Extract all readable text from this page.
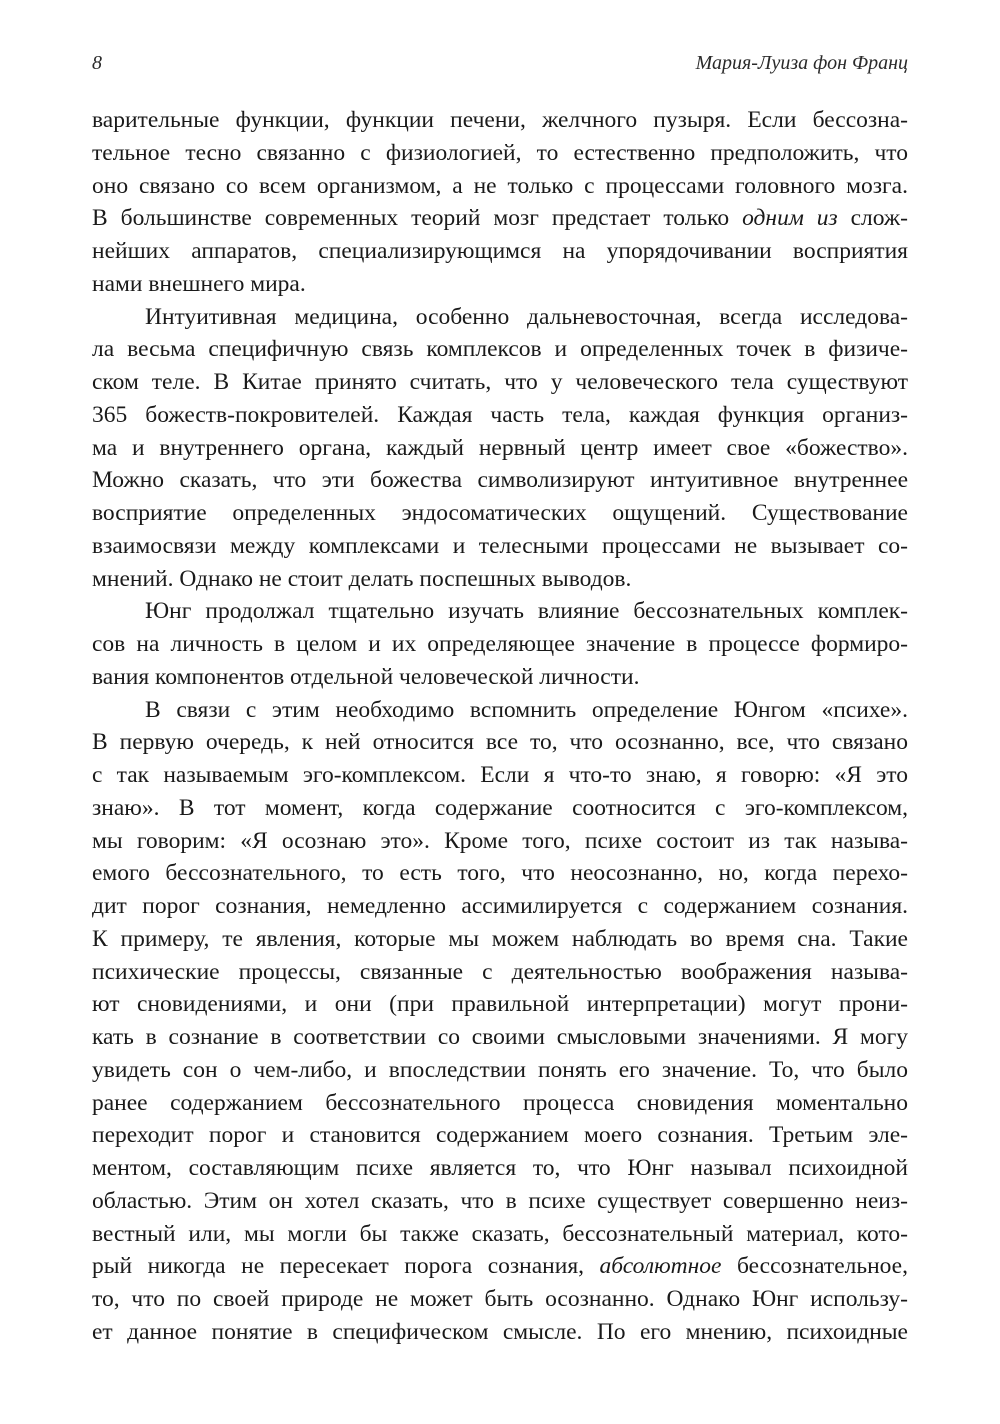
8	Мария-Луиза фон Франц
варительные функции, функции печени, желчного пузыря. Если бессозна-
тельное тесно связанно с физиологией, то естественно предположить, что
оно связано со всем организмом, а не только с процессами головного мозга.
В большинстве современных теорий мозг предстает только одним из слож-
нейших аппаратов, специализирующимся на упорядочивании восприятия
нами внешнего мира.
Интуитивная медицина, особенно дальневосточная, всегда исследова-
ла весьма специфичную связь комплексов и определенных точек в физиче-
ском теле. В Китае принято считать, что у человеческого тела существуют
365 божеств-покровителей. Каждая часть тела, каждая функция организ-
ма и внутреннего органа, каждый нервный центр имеет свое «божество».
Можно сказать, что эти божества символизируют интуитивное внутреннее
восприятие определенных эндосоматических ощущений. Существование
взаимосвязи между комплексами и телесными процессами не вызывает со-
мнений. Однако не стоит делать поспешных выводов.
Юнг продолжал тщательно изучать влияние бессознательных комплек-
сов на личность в целом и их определяющее значение в процессе формиро-
вания компонентов отдельной человеческой личности.
В связи с этим необходимо вспомнить определение Юнгом «психе».
В первую очередь, к ней относится все то, что осознанно, все, что связано
с так называемым эго-комплексом. Если я что-то знаю, я говорю: «Я это
знаю». В тот момент, когда содержание соотносится с эго-комплексом,
мы говорим: «Я осознаю это». Кроме того, психе состоит из так называ-
емого бессознательного, то есть того, что неосознанно, но, когда перехо-
дит порог сознания, немедленно ассимилируется с содержанием сознания.
К примеру, те явления, которые мы можем наблюдать во время сна. Такие
психические процессы, связанные с деятельностью воображения называ-
ют сновидениями, и они (при правильной интерпретации) могут прони-
кать в сознание в соответствии со своими смысловыми значениями. Я могу
увидеть сон о чем-либо, и впоследствии понять его значение. То, что было
ранее содержанием бессознательного процесса сновидения моментально
переходит порог и становится содержанием моего сознания. Третьим эле-
ментом, составляющим психе является то, что Юнг называл психоидной
областью. Этим он хотел сказать, что в психе существует совершенно неиз-
вестный или, мы могли бы также сказать, бессознательный материал, кото-
рый никогда не пересекает порога сознания, абсолютное бессознательное,
то, что по своей природе не может быть осознанно. Однако Юнг использу-
ет данное понятие в специфическом смысле. По его мнению, психоидные
